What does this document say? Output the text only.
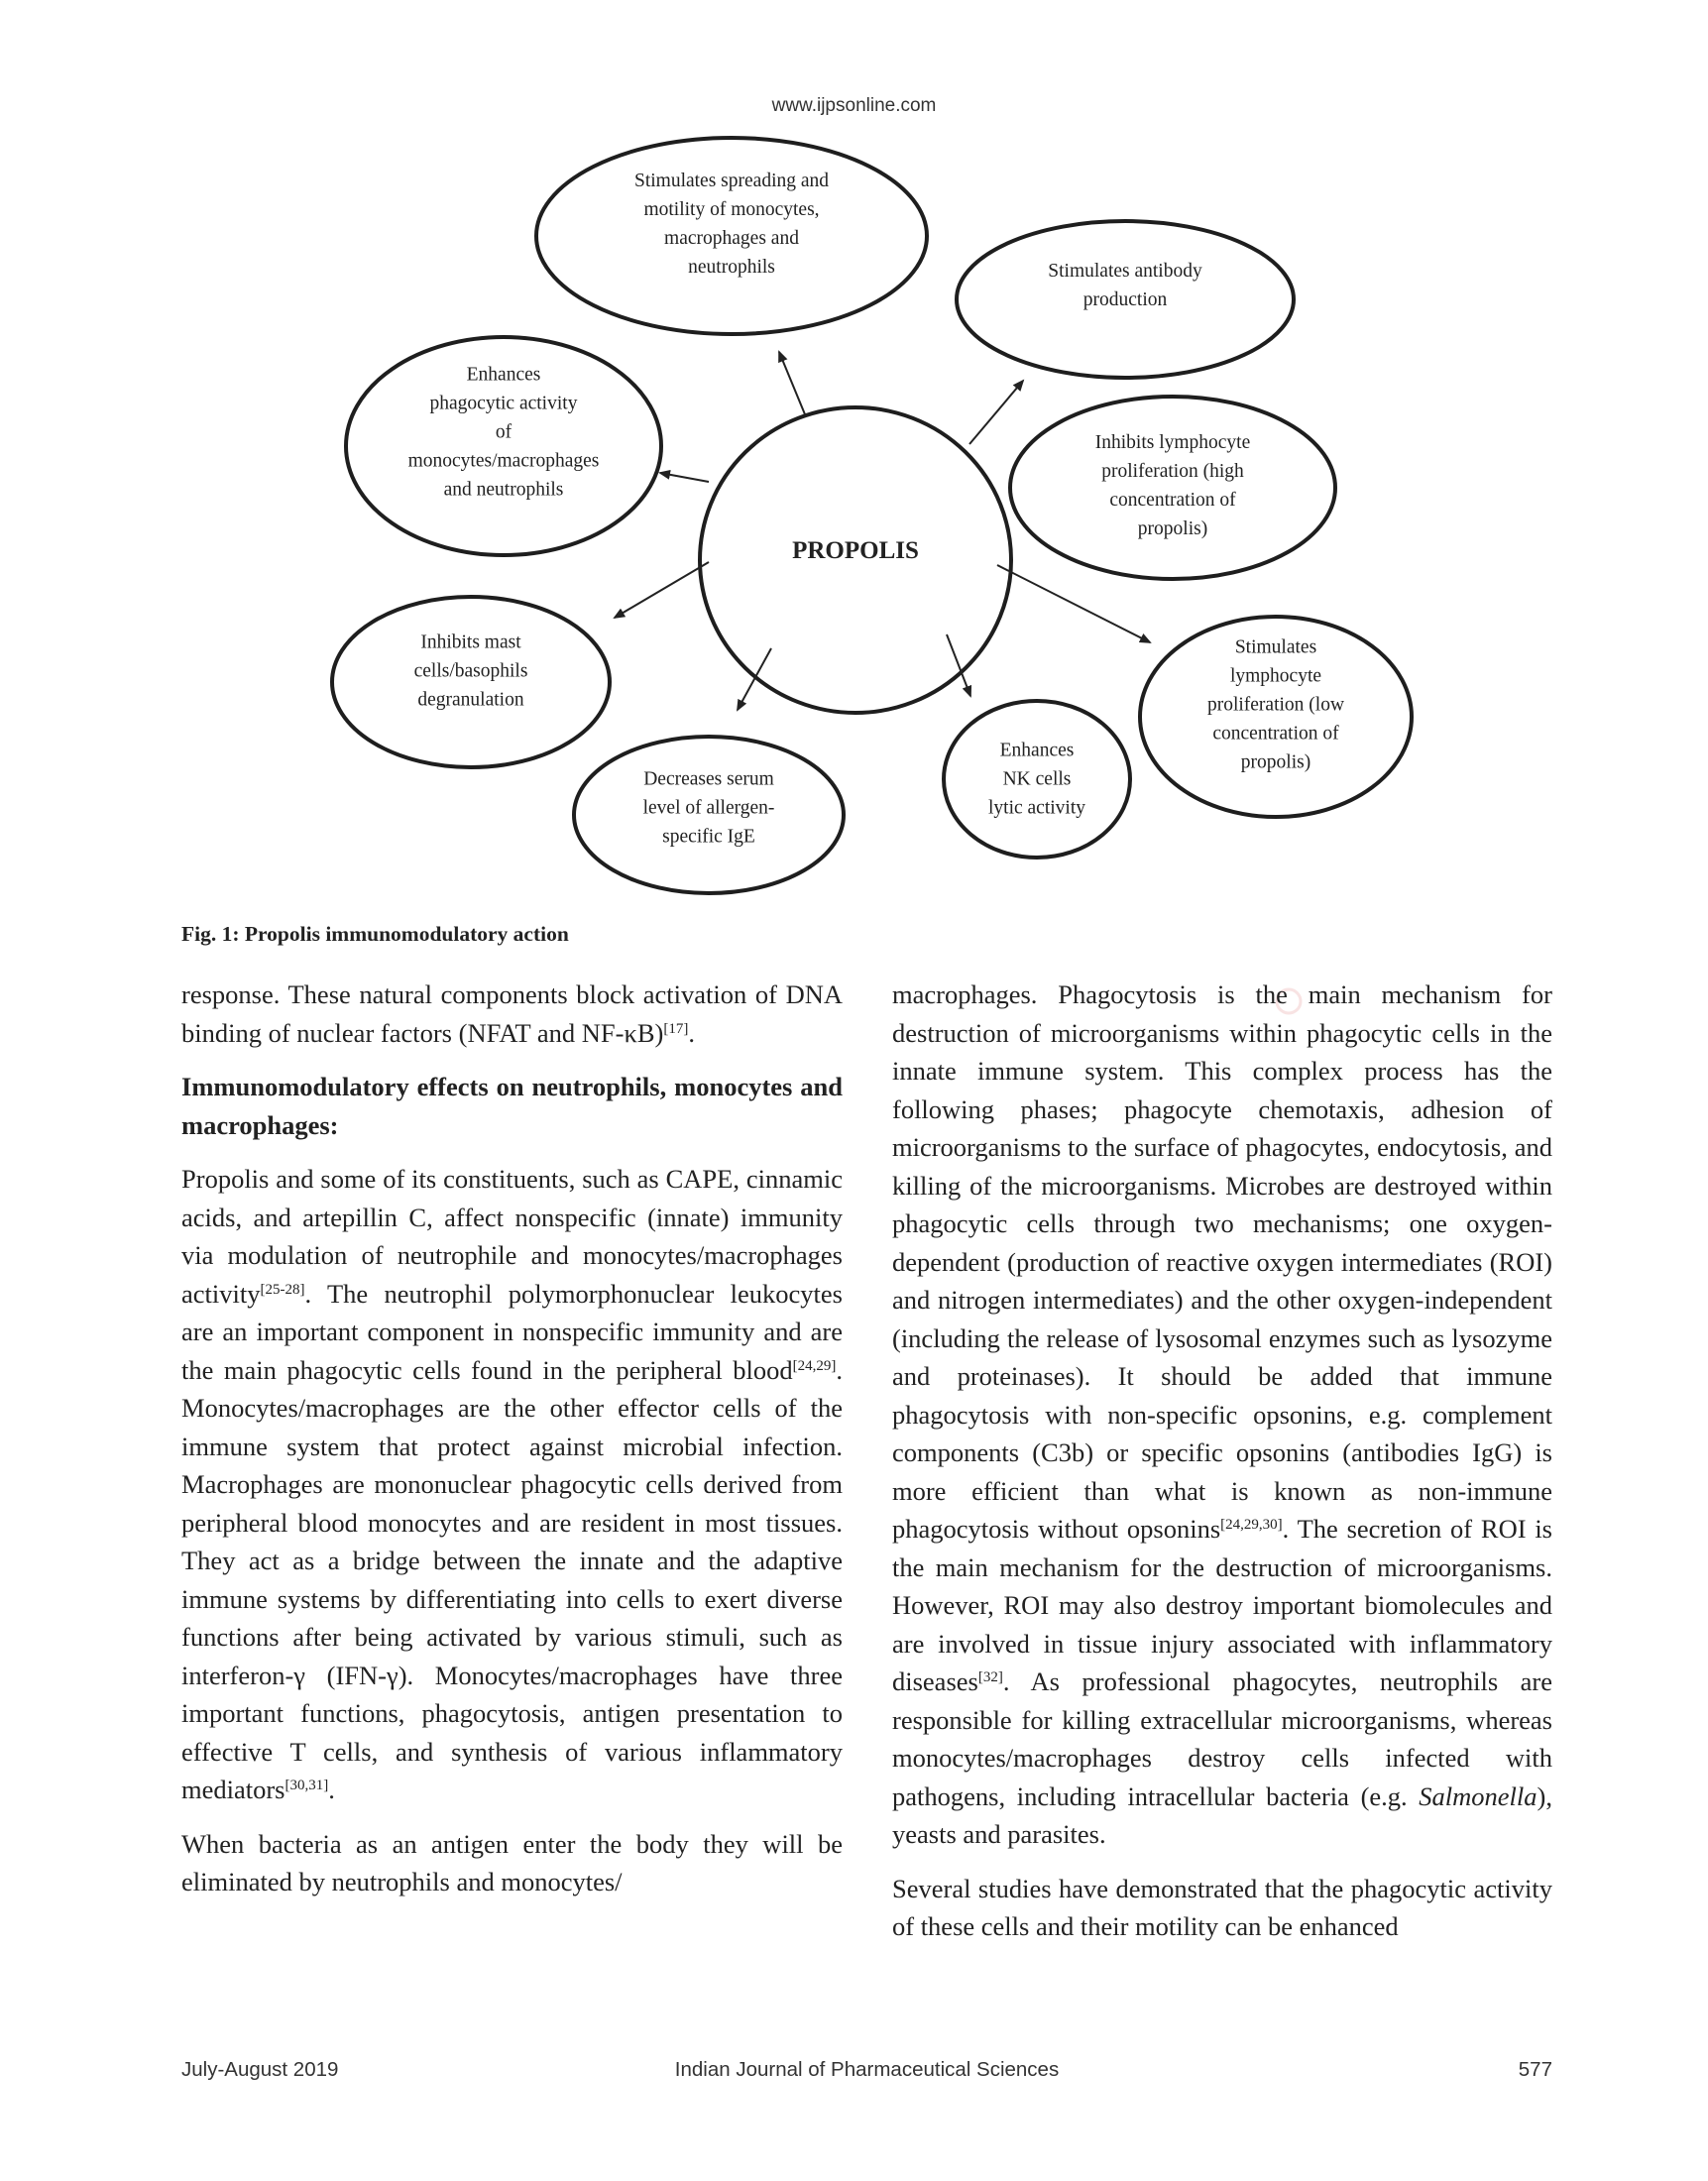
www.ijpsonline.com
Stimulates spreading and
motility of monocytes,
macrophages and
neutrophils	Stimulates antibody
production
Enhances
phagocytic activity
of
monocytes/macrophages
and neutrophils
Inhibits lymphocyte
proliferation (high
concentration of
propolis)
PROPOLIS
Inhibits mast
cells/basophils
degranulation
Stimulates
lymphocyte
proliferation (low
concentration of
propolis)
Decreases serum
level of allergen-
specific IgE
Enhances
NK cells
lytic activity
Fig. 1: Propolis immunomodulatory action

response. These natural components block activation of DNA binding of nuclear factors (NFAT and NF-κB)[17].

Immunomodulatory effects on neutrophils, monocytes and macrophages:

Propolis and some of its constituents, such as CAPE, cinnamic acids, and artepillin C, affect nonspecific (innate) immunity via modulation of neutrophile and monocytes/macrophages activity[25-28]. The neutrophil polymorphonuclear leukocytes are an important component in nonspecific immunity and are the main phagocytic cells found in the peripheral blood[24,29]. Monocytes/macrophages are the other effector cells of the immune system that protect against microbial infection. Macrophages are mononuclear phagocytic cells derived from peripheral blood monocytes and are resident in most tissues. They act as a bridge between the innate and the adaptive immune systems by differentiating into cells to exert diverse functions after being activated by various stimuli, such as interferon-γ (IFN-γ). Monocytes/macrophages have three important functions, phagocytosis, antigen presentation to effective T cells, and synthesis of various inflammatory mediators[30,31].

When bacteria as an antigen enter the body they will be eliminated by neutrophils and monocytes/

macrophages. Phagocytosis is the main mechanism for destruction of microorganisms within phagocytic cells in the innate immune system. This complex process has the following phases; phagocyte chemotaxis, adhesion of microorganisms to the surface of phagocytes, endocytosis, and killing of the microorganisms. Microbes are destroyed within phagocytic cells through two mechanisms; one oxygen-dependent (production of reactive oxygen intermediates (ROI) and nitrogen intermediates) and the other oxygen-independent (including the release of lysosomal enzymes such as lysozyme and proteinases). It should be added that immune phagocytosis with non-specific opsonins, e.g. complement components (C3b) or specific opsonins (antibodies IgG) is more efficient than what is known as non-immune phagocytosis without opsonins[24,29,30]. The secretion of ROI is the main mechanism for the destruction of microorganisms. However, ROI may also destroy important biomolecules and are involved in tissue injury associated with inflammatory diseases[32]. As professional phagocytes, neutrophils are responsible for killing extracellular microorganisms, whereas monocytes/macrophages destroy cells infected with pathogens, including intracellular bacteria (e.g. Salmonella), yeasts and parasites.

Several studies have demonstrated that the phagocytic activity of these cells and their motility can be enhanced

July-August 2019	Indian Journal of Pharmaceutical Sciences	577
